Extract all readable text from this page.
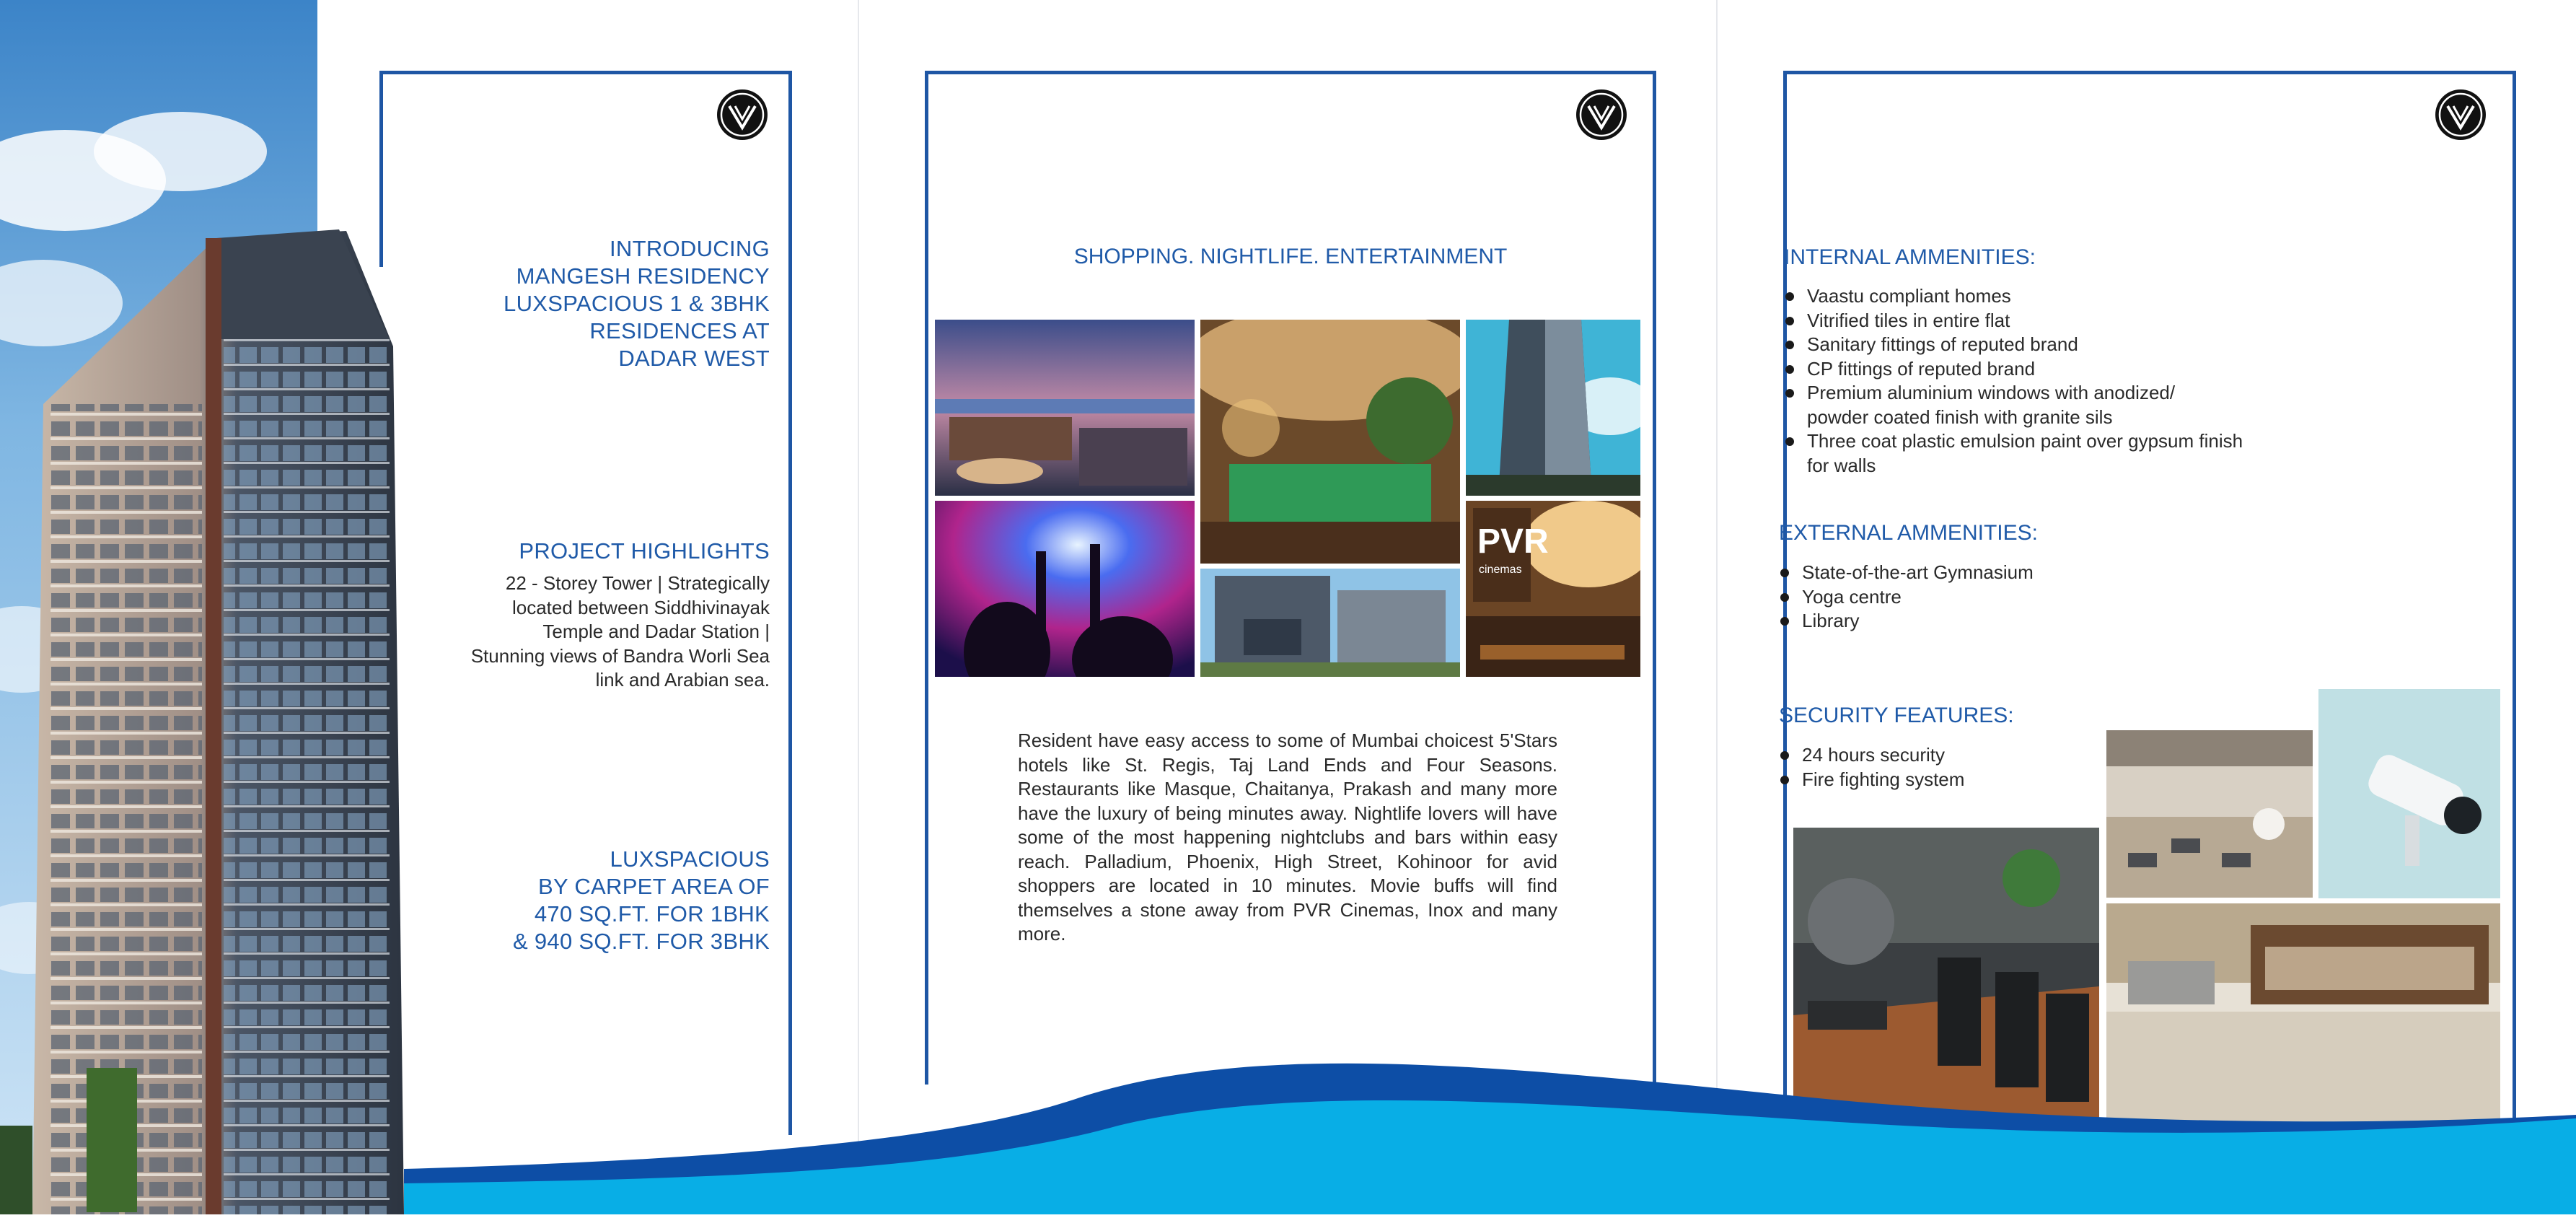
INTRODUCING
MANGESH RESIDENCY
LUXSPACIOUS 1 & 3BHK
RESIDENCES AT
DADAR WEST
PROJECT HIGHLIGHTS
22 - Storey Tower | Strategically
located between Siddhivinayak
Temple and Dadar Station |
Stunning views of Bandra Worli Sea
link and Arabian sea.
LUXSPACIOUS
BY CARPET AREA OF
470 SQ.FT. FOR 1BHK
& 940 SQ.FT. FOR 3BHK
SHOPPING. NIGHTLIFE. ENTERTAINMENT
PVR
cinemas
Resident have easy access to some of Mumbai choicest 5'Stars hotels like St. Regis, Taj Land Ends and Four Seasons. Restaurants like Masque, Chaitanya, Prakash and many more have the luxury of being minutes away. Nightlife lovers will have some of the most happening nightclubs and bars within easy reach. Palladium, Phoenix, High Street, Kohinoor for avid shoppers are located in 10 minutes. Movie buffs will find themselves a stone away from PVR Cinemas, Inox and many more.
INTERNAL AMMENITIES:
Vaastu compliant homes
Vitrified tiles in entire flat
Sanitary fittings of reputed brand
CP fittings of reputed brand
Premium aluminium windows with anodized/ powder coated finish with granite sils
Three coat plastic emulsion paint over gypsum finish for walls
EXTERNAL AMMENITIES:
State-of-the-art Gymnasium
Yoga centre
Library
SECURITY FEATURES:
24 hours security
Fire fighting system
